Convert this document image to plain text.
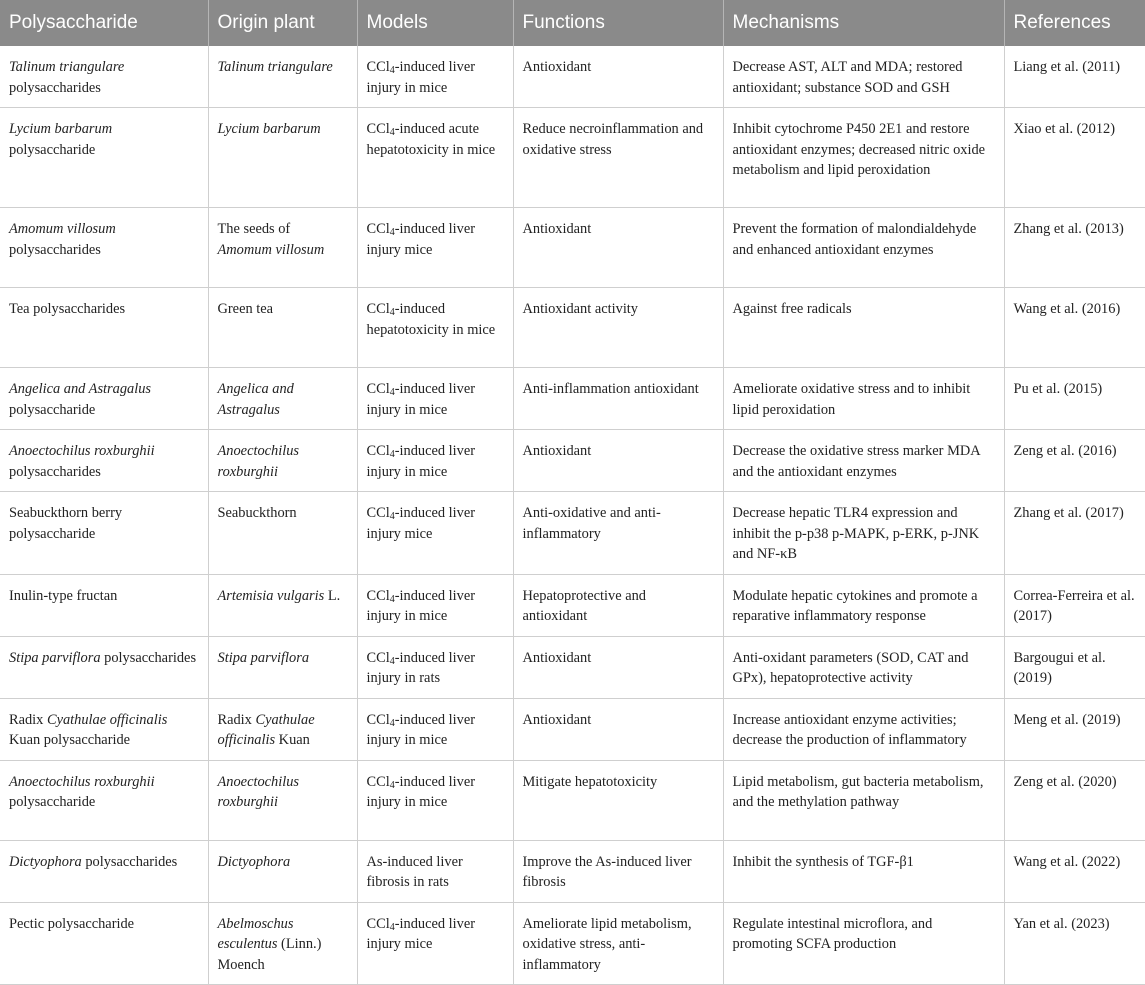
Polysaccharide	Origin plant	Models	Functions	Mechanisms	References
Talinum triangulare polysaccharides	Talinum triangulare	CCl$_4$-induced liver injury in mice	Antioxidant	Decrease AST, ALT and MDA; restored antioxidant; substance SOD and GSH	Liang et al. (2011)
Lycium barbarum polysaccharide	Lycium barbarum	CCl$_4$-induced acute hepatotoxicity in mice	Reduce necroinflammation and oxidative stress	Inhibit cytochrome P450 2E1 and restore antioxidant enzymes; decreased nitric oxide metabolism and lipid peroxidation	Xiao et al. (2012)
Amomum villosum polysaccharides	The seeds of Amomum villosum	CCl$_4$-induced liver injury mice	Antioxidant	Prevent the formation of malondialdehyde and enhanced antioxidant enzymes	Zhang et al. (2013)
Tea polysaccharides	Green tea	CCl$_4$-induced hepatotoxicity in mice	Antioxidant activity	Against free radicals	Wang et al. (2016)
Angelica and Astragalus polysaccharide	Angelica and Astragalus	CCl$_4$-induced liver injury in mice	Anti-inflammation antioxidant	Ameliorate oxidative stress and to inhibit lipid peroxidation	Pu et al. (2015)
Anoectochilus roxburghii polysaccharides	Anoectochilus roxburghii	CCl$_4$-induced liver injury in mice	Antioxidant	Decrease the oxidative stress marker MDA and the antioxidant enzymes	Zeng et al. (2016)
Seabuckthorn berry polysaccharide	Seabuckthorn	CCl$_4$-induced liver injury mice	Anti-oxidative and anti-inflammatory	Decrease hepatic TLR4 expression and inhibit the p-p38 p-MAPK, p-ERK, p-JNK and NF-κB	Zhang et al. (2017)
Inulin-type fructan	Artemisia vulgaris L.	CCl$_4$-induced liver injury in mice	Hepatoprotective and antioxidant	Modulate hepatic cytokines and promote a reparative inflammatory response	Correa-Ferreira et al. (2017)
Stipa parviflora polysaccharides	Stipa parviflora	CCl$_4$-induced liver injury in rats	Antioxidant	Anti-oxidant parameters (SOD, CAT and GPx), hepatoprotective activity	Bargougui et al. (2019)
Radix Cyathulae officinalis Kuan polysaccharide	Radix Cyathulae officinalis Kuan	CCl$_4$-induced liver injury in mice	Antioxidant	Increase antioxidant enzyme activities; decrease the production of inflammatory	Meng et al. (2019)
Anoectochilus roxburghii polysaccharide	Anoectochilus roxburghii	CCl$_4$-induced liver injury in mice	Mitigate hepatotoxicity	Lipid metabolism, gut bacteria metabolism, and the methylation pathway	Zeng et al. (2020)
Dictyophora polysaccharides	Dictyophora	As-induced liver fibrosis in rats	Improve the As-induced liver fibrosis	Inhibit the synthesis of TGF-β1	Wang et al. (2022)
Pectic polysaccharide	Abelmoschus esculentus (Linn.) Moench	CCl$_4$-induced liver injury mice	Ameliorate lipid metabolism, oxidative stress, anti-inflammatory	Regulate intestinal microflora, and promoting SCFA production	Yan et al. (2023)
